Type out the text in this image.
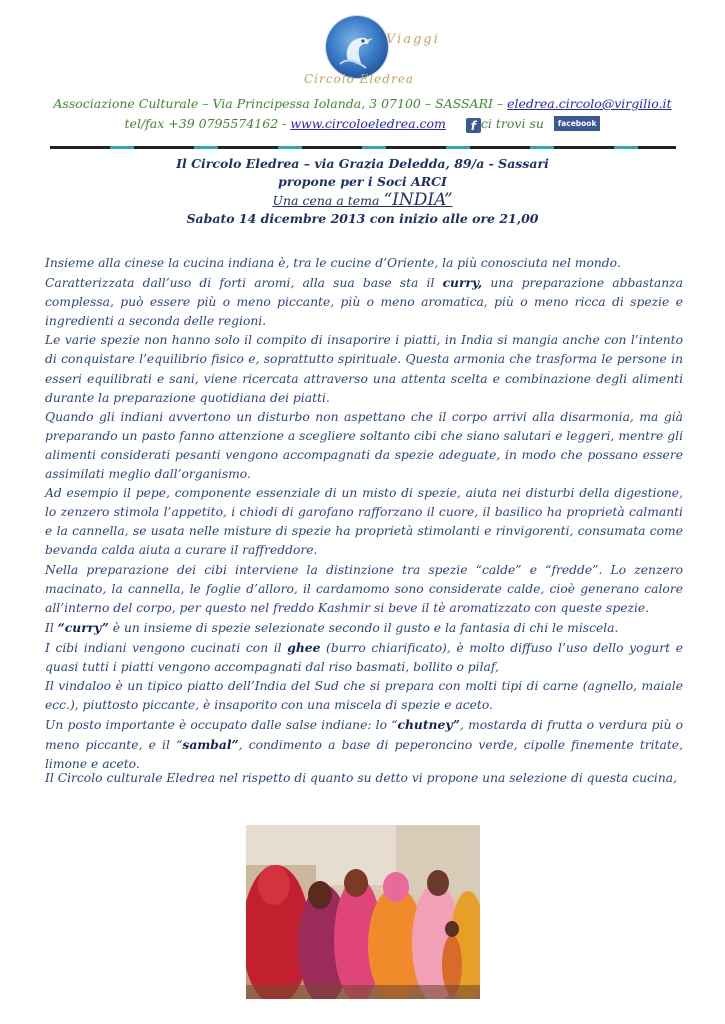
Viaggi
Circolo Eledrea
Associazione Culturale – Via Principessa Iolanda, 3 07100 – SASSARI – eledrea.circolo@virgilio.it
tel/fax +39 0795574162 - www.circoloeledrea.com f ci trovi su facebook
Il Circolo Eledrea – via Grazia Deledda, 89/a - Sassari
propone per i Soci ARCI
Una cena a tema “INDIA”
Sabato 14 dicembre 2013 con inizio alle ore 21,00

Insieme alla cinese la cucina indiana è, tra le cucine d’Oriente, la più conosciuta nel mondo.

Caratterizzata dall’uso di forti aromi, alla sua base sta il curry, una preparazione abbastanza complessa, può essere più o meno piccante, più o meno aromatica, più o meno ricca di spezie e ingredienti a seconda delle regioni.

Le varie spezie non hanno solo il compito di insaporire i piatti, in India si mangia anche con l’intento di conquistare l’equilibrio fisico e, soprattutto spirituale. Questa armonia che trasforma le persone in esseri equilibrati e sani, viene ricercata attraverso una attenta scelta e combinazione degli alimenti durante la preparazione quotidiana dei piatti.

Quando gli indiani avvertono un disturbo non aspettano che il corpo arrivi alla disarmonia, ma già preparando un pasto fanno attenzione a scegliere soltanto cibi che siano salutari e leggeri, mentre gli alimenti considerati pesanti vengono accompagnati da spezie adeguate, in modo che possano essere assimilati meglio dall’organismo.

Ad esempio il pepe, componente essenziale di un misto di spezie, aiuta nei disturbi della digestione, lo zenzero stimola l’appetito, i chiodi di garofano rafforzano il cuore, il basilico ha proprietà calmanti e la cannella, se usata nelle misture di spezie ha proprietà stimolanti e rinvigorenti, consumata come bevanda calda aiuta a curare il raffreddore.

Nella preparazione dei cibi interviene la distinzione tra spezie “calde” e “fredde”. Lo zenzero macinato, la cannella, le foglie d’alloro, il cardamomo sono considerate calde, cioè generano calore all’interno del corpo, per questo nel freddo Kashmir si beve il tè aromatizzato con queste spezie.

Il “curry” è un insieme di spezie selezionate secondo il gusto e la fantasia di chi le miscela.

I cibi indiani vengono cucinati con il ghee (burro chiarificato), è molto diffuso l’uso dello yogurt e quasi tutti i piatti vengono accompagnati dal riso basmati, bollito o pilaf,

Il vindaloo è un tipico piatto dell’India del Sud che si prepara con molti tipi di carne (agnello, maiale ecc.), piuttosto piccante, è insaporito con una miscela di spezie e aceto.

Un posto importante è occupato dalle salse indiane: lo “chutney”, mostarda di frutta o verdura più o meno piccante, e il “sambal”, condimento a base di peperoncino verde, cipolle finemente tritate, limone e aceto.

Il Circolo culturale Eledrea nel rispetto di quanto su detto vi propone una selezione di questa cucina,
